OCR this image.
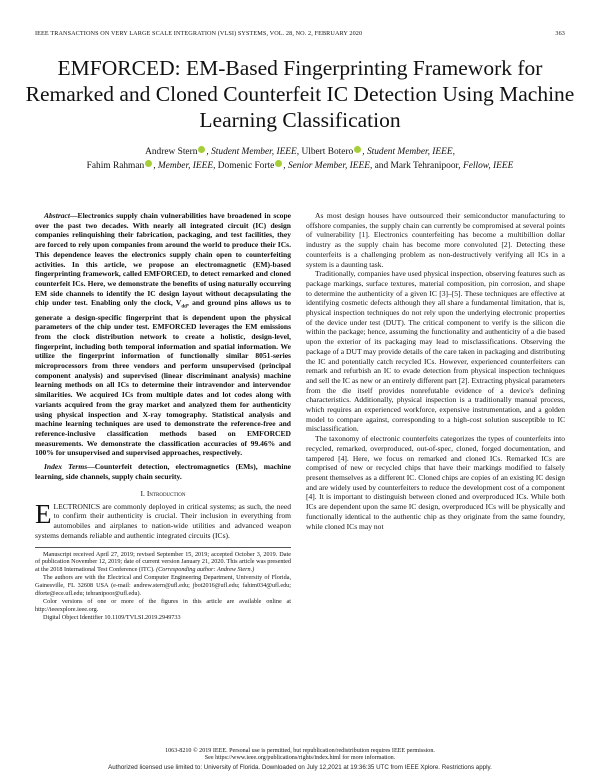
IEEE TRANSACTIONS ON VERY LARGE SCALE INTEGRATION (VLSI) SYSTEMS, VOL. 28, NO. 2, FEBRUARY 2020	363
EMFORCED: EM-Based Fingerprinting Framework for Remarked and Cloned Counterfeit IC Detection Using Machine Learning Classification
Andrew Stern , Student Member, IEEE, Ulbert Botero , Student Member, IEEE,
Fahim Rahman , Member, IEEE, Domenic Forte , Senior Member, IEEE, and Mark Tehranipoor, Fellow, IEEE

Abstract—Electronics supply chain vulnerabilities have broadened in scope over the past two decades. With nearly all integrated circuit (IC) design companies relinquishing their fabrication, packaging, and test facilities, they are forced to rely upon companies from around the world to produce their ICs. This dependence leaves the electronics supply chain open to counterfeiting activities. In this article, we propose an electromagnetic (EM)-based fingerprinting framework, called EMFORCED, to detect remarked and cloned counterfeit ICs. Here, we demonstrate the benefits of using naturally occurring EM side channels to identify the IC design layout without decapsulating the chip under test. Enabling only the clock, $V_{dd}$, and ground pins allows us to generate a design-specific fingerprint that is dependent upon the physical parameters of the chip under test. EMFORCED leverages the EM emissions from the clock distribution network to create a holistic, design-level, fingerprint, including both temporal information and spatial information. We utilize the fingerprint information of functionally similar 8051-series microprocessors from three vendors and perform unsupervised (principal component analysis) and supervised (linear discriminant analysis) machine learning methods on all ICs to determine their intravendor and intervendor similarities. We acquired ICs from multiple dates and lot codes along with variants acquired from the gray market and analyzed them for authenticity using physical inspection and X-ray tomography. Statistical analysis and machine learning techniques are used to demonstrate the reference-free and reference-inclusive classification methods based on EMFORCED measurements. We demonstrate the classification accuracies of 99.46% and 100% for unsupervised and supervised approaches, respectively.

Index Terms—Counterfeit detection, electromagnetics (EMs), machine learning, side channels, supply chain security.

I. Introduction

ELECTRONICS are commonly deployed in critical systems; as such, the need to confirm their authenticity is crucial. Their inclusion in everything from automobiles and airplanes to nation-wide utilities and advanced weapon systems demands reliable and authentic integrated circuits (ICs).

Manuscript received April 27, 2019; revised September 15, 2019; accepted October 3, 2019. Date of publication November 12, 2019; date of current version January 21, 2020. This article was presented at the 2018 International Test Conference (ITC). (Corresponding author: Andrew Stern.)

The authors are with the Electrical and Computer Engineering Department, University of Florida, Gainesville, FL 32608 USA (e-mail: andrew.stern@ufl.edu; jbot2016@ufl.edu; fahim034@ufl.edu; dforte@ece.ufl.edu; tehranipoor@ufl.edu).

Color versions of one or more of the figures in this article are available online at http://ieeexplore.ieee.org.

Digital Object Identifier 10.1109/TVLSI.2019.2949733

As most design houses have outsourced their semiconductor manufacturing to offshore companies, the supply chain can currently be compromised at several points of vulnerability [1]. Electronics counterfeiting has become a multibillion dollar industry as the supply chain has become more convoluted [2]. Detecting these counterfeits is a challenging problem as non-destructively verifying all ICs in a system is a daunting task.

Traditionally, companies have used physical inspection, observing features such as package markings, surface textures, material composition, pin corrosion, and shape to determine the authenticity of a given IC [3]–[5]. These techniques are effective at identifying cosmetic defects although they all share a fundamental limitation, that is, physical inspection techniques do not rely upon the underlying electronic properties of the device under test (DUT). The critical component to verify is the silicon die within the package; hence, assuming the functionality and authenticity of a die based upon the exterior of its packaging may lead to misclassifications. Observing the package of a DUT may provide details of the care taken in packaging and distributing the IC and potentially catch recycled ICs. However, experienced counterfeiters can remark and refurbish an IC to evade detection from physical inspection techniques and sell the IC as new or an entirely different part [2]. Extracting physical parameters from the die itself provides nonrefutable evidence of a device's defining characteristics. Additionally, physical inspection is a traditionally manual process, which requires an experienced workforce, expensive instrumentation, and a golden model to compare against, corresponding to a high-cost solution susceptible to IC misclassification.

The taxonomy of electronic counterfeits categorizes the types of counterfeits into recycled, remarked, overproduced, out-of-spec, cloned, forged documentation, and tampered [4]. Here, we focus on remarked and cloned ICs. Remarked ICs are comprised of new or recycled chips that have their markings modified to falsely present themselves as a different IC. Cloned chips are copies of an existing IC design and are widely used by counterfeiters to reduce the development cost of a component [4]. It is important to distinguish between cloned and overproduced ICs. While both ICs are dependent upon the same IC design, overproduced ICs will be physically and functionally identical to the authentic chip as they originate from the same foundry, while cloned ICs may not

1063-8210 © 2019 IEEE. Personal use is permitted, but republication/redistribution requires IEEE permission.
See https://www.ieee.org/publications/rights/index.html for more information.
Authorized licensed use limited to: University of Florida. Downloaded on July 12,2021 at 19:36:35 UTC from IEEE Xplore. Restrictions apply.
